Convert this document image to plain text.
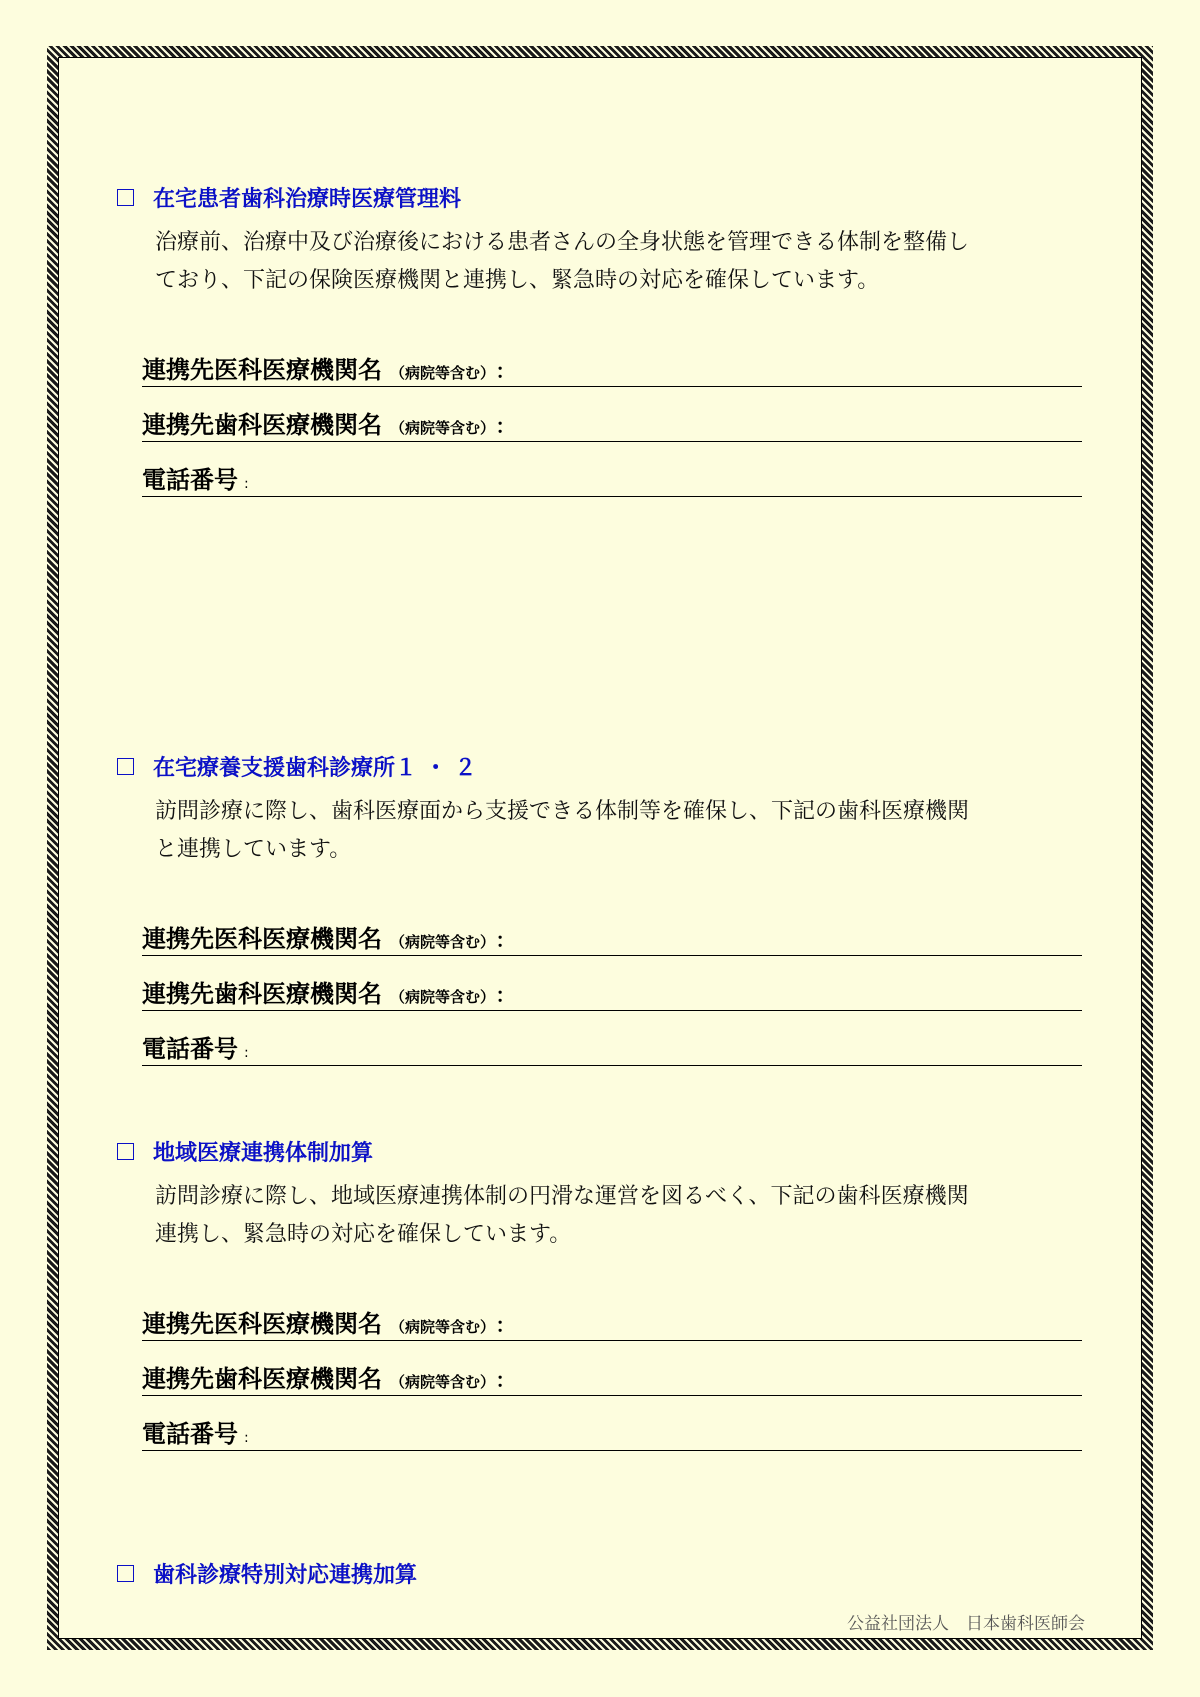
在宅患者歯科治療時医療管理料
治療前、治療中及び治療後における患者さんの全身状態を管理できる体制を整備し
ており、下記の保険医療機関と連携し、緊急時の対応を確保しています。
連携先医科医療機関名 （病院等含む） ：
連携先歯科医療機関名 （病院等含む） ：
電話番号 :
在宅療養支援歯科診療所１ ・ ２
訪問診療に際し、歯科医療面から支援できる体制等を確保し、下記の歯科医療機関
と連携しています。
連携先医科医療機関名 （病院等含む） ：
連携先歯科医療機関名 （病院等含む） ：
電話番号 :
地域医療連携体制加算
訪問診療に際し、地域医療連携体制の円滑な運営を図るべく、下記の歯科医療機関
連携し、緊急時の対応を確保しています。
連携先医科医療機関名 （病院等含む） ：
連携先歯科医療機関名 （病院等含む） ：
電話番号 :
歯科診療特別対応連携加算
公益社団法人　日本歯科医師会
